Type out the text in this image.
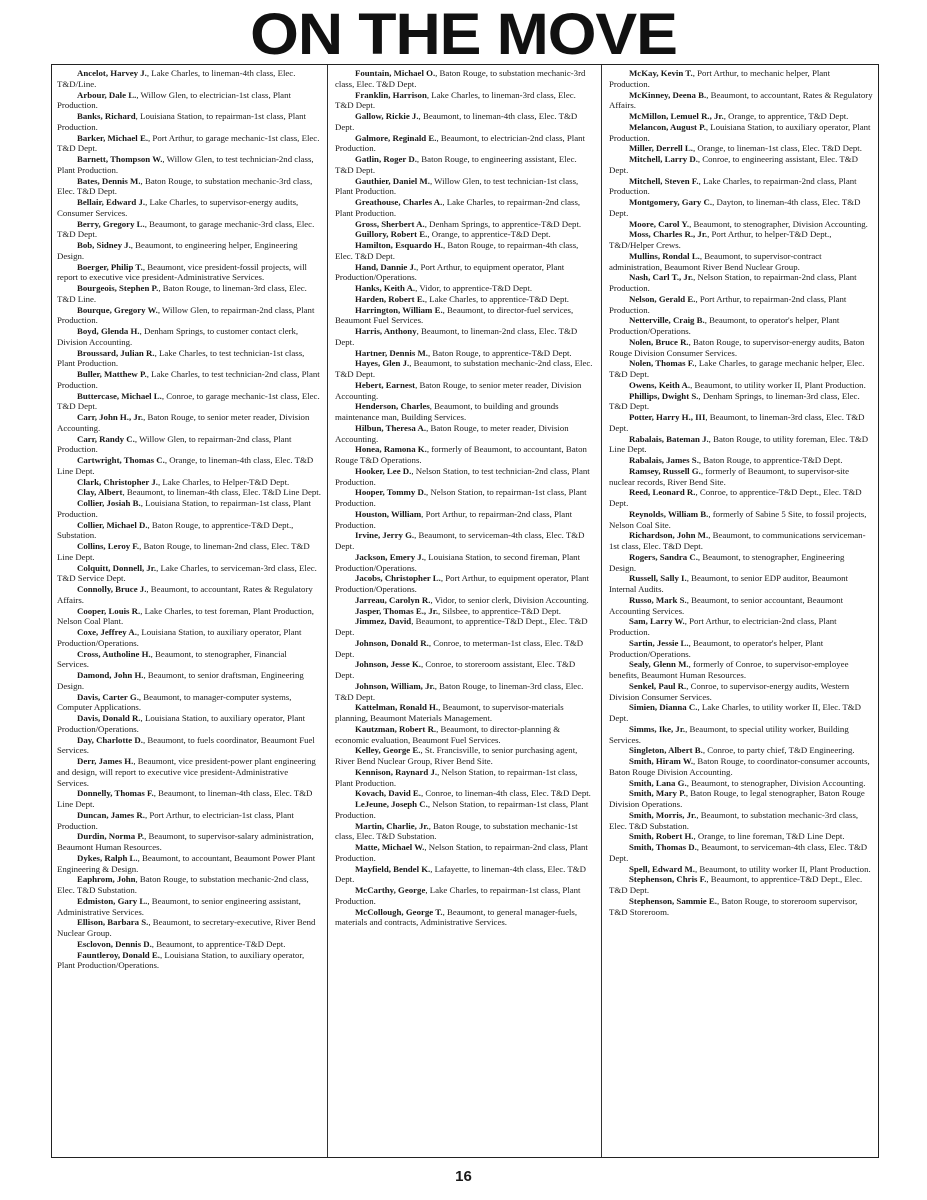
ON THE MOVE

Ancelot, Harvey J., Lake Charles, to lineman-4th class, Elec. T&D/Line.

Arbour, Dale L., Willow Glen, to electrician-1st class, Plant Production.

Banks, Richard, Louisiana Station, to repairman-1st class, Plant Production.

Barker, Michael E., Port Arthur, to garage mechanic-1st class, Elec. T&D Dept.

Barnett, Thompson W., Willow Glen, to test technician-2nd class, Plant Production.

Bates, Dennis M., Baton Rouge, to substation mechanic-3rd class, Elec. T&D Dept.

Bellair, Edward J., Lake Charles, to supervisor-energy audits, Consumer Services.

Berry, Gregory L., Beaumont, to garage mechanic-3rd class, Elec. T&D Dept.

Bob, Sidney J., Beaumont, to engineering helper, Engineering Design.

Boerger, Philip T., Beaumont, vice president-fossil projects, will report to executive vice president-Administrative Services.

Bourgeois, Stephen P., Baton Rouge, to lineman-3rd class, Elec. T&D Line.

Bourque, Gregory W., Willow Glen, to repairman-2nd class, Plant Production.

Boyd, Glenda H., Denham Springs, to customer contact clerk, Division Accounting.

Broussard, Julian R., Lake Charles, to test technician-1st class, Plant Production.

Buller, Matthew P., Lake Charles, to test technician-2nd class, Plant Production.

Buttercase, Michael L., Conroe, to garage mechanic-1st class, Elec. T&D Dept.

Carr, John H., Jr., Baton Rouge, to senior meter reader, Division Accounting.

Carr, Randy C., Willow Glen, to repairman-2nd class, Plant Production.

Cartwright, Thomas C., Orange, to lineman-4th class, Elec. T&D Line Dept.

Clark, Christopher J., Lake Charles, to Helper-T&D Dept.

Clay, Albert, Beaumont, to lineman-4th class, Elec. T&D Line Dept.

Collier, Josiah B., Louisiana Station, to repairman-1st class, Plant Production.

Collier, Michael D., Baton Rouge, to apprentice-T&D Dept., Substation.

Collins, Leroy F., Baton Rouge, to lineman-2nd class, Elec. T&D Line Dept.

Colquitt, Donnell, Jr., Lake Charles, to serviceman-3rd class, Elec. T&D Service Dept.

Connolly, Bruce J., Beaumont, to accountant, Rates & Regulatory Affairs.

Cooper, Louis R., Lake Charles, to test foreman, Plant Production, Nelson Coal Plant.

Coxe, Jeffrey A., Louisiana Station, to auxiliary operator, Plant Production/Operations.

Cross, Autholine H., Beaumont, to stenographer, Financial Services.

Damond, John H., Beaumont, to senior draftsman, Engineering Design.

Davis, Carter G., Beaumont, to manager-computer systems, Computer Applications.

Davis, Donald R., Louisiana Station, to auxiliary operator, Plant Production/Operations.

Day, Charlotte D., Beaumont, to fuels coordinator, Beaumont Fuel Services.

Derr, James H., Beaumont, vice president-power plant engineering and design, will report to executive vice president-Administrative Services.

Donnelly, Thomas F., Beaumont, to lineman-4th class, Elec. T&D Line Dept.

Duncan, James R., Port Arthur, to electrician-1st class, Plant Production.

Durdin, Norma P., Beaumont, to supervisor-salary administration, Beaumont Human Resources.

Dykes, Ralph L., Beaumont, to accountant, Beaumont Power Plant Engineering & Design.

Eaphrom, John, Baton Rouge, to substation mechanic-2nd class, Elec. T&D Substation.

Edmiston, Gary L., Beaumont, to senior engineering assistant, Administrative Services.

Ellison, Barbara S., Beaumont, to secretary-executive, River Bend Nuclear Group.

Esclovon, Dennis D., Beaumont, to apprentice-T&D Dept.

Fauntleroy, Donald E., Louisiana Station, to auxiliary operator, Plant Production/Operations.

Fountain, Michael O., Baton Rouge, to substation mechanic-3rd class, Elec. T&D Dept.

Franklin, Harrison, Lake Charles, to lineman-3rd class, Elec. T&D Dept.

Gallow, Rickie J., Beaumont, to lineman-4th class, Elec. T&D Dept.

Galmore, Reginald E., Beaumont, to electrician-2nd class, Plant Production.

Gatlin, Roger D., Baton Rouge, to engineering assistant, Elec. T&D Dept.

Gauthier, Daniel M., Willow Glen, to test technician-1st class, Plant Production.

Greathouse, Charles A., Lake Charles, to repairman-2nd class, Plant Production.

Gross, Sherbert A., Denham Springs, to apprentice-T&D Dept.

Guillory, Robert E., Orange, to apprentice-T&D Dept.

Hamilton, Esquardo H., Baton Rouge, to repairman-4th class, Elec. T&D Dept.

Hand, Dannie J., Port Arthur, to equipment operator, Plant Production/Operations.

Hanks, Keith A., Vidor, to apprentice-T&D Dept.

Harden, Robert E., Lake Charles, to apprentice-T&D Dept.

Harrington, William E., Beaumont, to director-fuel services, Beaumont Fuel Services.

Harris, Anthony, Beaumont, to lineman-2nd class, Elec. T&D Dept.

Hartner, Dennis M., Baton Rouge, to apprentice-T&D Dept.

Hayes, Glen J., Beaumont, to substation mechanic-2nd class, Elec. T&D Dept.

Hebert, Earnest, Baton Rouge, to senior meter reader, Division Accounting.

Henderson, Charles, Beaumont, to building and grounds maintenance man, Building Services.

Hilbun, Theresa A., Baton Rouge, to meter reader, Division Accounting.

Honea, Ramona K., formerly of Beaumont, to accountant, Baton Rouge T&D Operations.

Hooker, Lee D., Nelson Station, to test technician-2nd class, Plant Production.

Hooper, Tommy D., Nelson Station, to repairman-1st class, Plant Production.

Houston, William, Port Arthur, to repairman-2nd class, Plant Production.

Irvine, Jerry G., Beaumont, to serviceman-4th class, Elec. T&D Dept.

Jackson, Emery J., Louisiana Station, to second fireman, Plant Production/Operations.

Jacobs, Christopher L., Port Arthur, to equipment operator, Plant Production/Operations.

Jarreau, Carolyn R., Vidor, to senior clerk, Division Accounting.

Jasper, Thomas E., Jr., Silsbee, to apprentice-T&D Dept.

Jimmez, David, Beaumont, to apprentice-T&D Dept., Elec. T&D Dept.

Johnson, Donald R., Conroe, to meterman-1st class, Elec. T&D Dept.

Johnson, Jesse K., Conroe, to storeroom assistant, Elec. T&D Dept.

Johnson, William, Jr., Baton Rouge, to lineman-3rd class, Elec. T&D Dept.

Kattelman, Ronald H., Beaumont, to supervisor-materials planning, Beaumont Materials Management.

Kautzman, Robert R., Beaumont, to director-planning & economic evaluation, Beaumont Fuel Services.

Kelley, George E., St. Francisville, to senior purchasing agent, River Bend Nuclear Group, River Bend Site.

Kennison, Raynard J., Nelson Station, to repairman-1st class, Plant Production.

Kovach, David E., Conroe, to lineman-4th class, Elec. T&D Dept.

LeJeune, Joseph C., Nelson Station, to repairman-1st class, Plant Production.

Martin, Charlie, Jr., Baton Rouge, to substation mechanic-1st class, Elec. T&D Substation.

Matte, Michael W., Nelson Station, to repairman-2nd class, Plant Production.

Mayfield, Bendel K., Lafayette, to lineman-4th class, Elec. T&D Dept.

McCarthy, George, Lake Charles, to repairman-1st class, Plant Production.

McCollough, George T., Beaumont, to general manager-fuels, materials and contracts, Administrative Services.

McKay, Kevin T., Port Arthur, to mechanic helper, Plant Production.

McKinney, Deena B., Beaumont, to accountant, Rates & Regulatory Affairs.

McMillon, Lemuel R., Jr., Orange, to apprentice, T&D Dept.

Melancon, August P., Louisiana Station, to auxiliary operator, Plant Production.

Miller, Derrell L., Orange, to lineman-1st class, Elec. T&D Dept.

Mitchell, Larry D., Conroe, to engineering assistant, Elec. T&D Dept.

Mitchell, Steven F., Lake Charles, to repairman-2nd class, Plant Production.

Montgomery, Gary C., Dayton, to lineman-4th class, Elec. T&D Dept.

Moore, Carol Y., Beaumont, to stenographer, Division Accounting.

Moss, Charles R., Jr., Port Arthur, to helper-T&D Dept., T&D/Helper Crews.

Mullins, Rondal L., Beaumont, to supervisor-contract administration, Beaumont River Bend Nuclear Group.

Nash, Carl T., Jr., Nelson Station, to repairman-2nd class, Plant Production.

Nelson, Gerald E., Port Arthur, to repairman-2nd class, Plant Production.

Netterville, Craig B., Beaumont, to operator's helper, Plant Production/Operations.

Nolen, Bruce R., Baton Rouge, to supervisor-energy audits, Baton Rouge Division Consumer Services.

Nolen, Thomas F., Lake Charles, to garage mechanic helper, Elec. T&D Dept.

Owens, Keith A., Beaumont, to utility worker II, Plant Production.

Phillips, Dwight S., Denham Springs, to lineman-3rd class, Elec. T&D Dept.

Potter, Harry H., III, Beaumont, to lineman-3rd class, Elec. T&D Dept.

Rabalais, Bateman J., Baton Rouge, to utility foreman, Elec. T&D Line Dept.

Rabalais, James S., Baton Rouge, to apprentice-T&D Dept.

Ramsey, Russell G., formerly of Beaumont, to supervisor-site nuclear records, River Bend Site.

Reed, Leonard R., Conroe, to apprentice-T&D Dept., Elec. T&D Dept.

Reynolds, William B., formerly of Sabine 5 Site, to fossil projects, Nelson Coal Site.

Richardson, John M., Beaumont, to communications serviceman-1st class, Elec. T&D Dept.

Rogers, Sandra C., Beaumont, to stenographer, Engineering Design.

Russell, Sally I., Beaumont, to senior EDP auditor, Beaumont Internal Audits.

Russo, Mark S., Beaumont, to senior accountant, Beaumont Accounting Services.

Sam, Larry W., Port Arthur, to electrician-2nd class, Plant Production.

Sartin, Jessie L., Beaumont, to operator's helper, Plant Production/Operations.

Sealy, Glenn M., formerly of Conroe, to supervisor-employee benefits, Beaumont Human Resources.

Senkel, Paul R., Conroe, to supervisor-energy audits, Western Division Consumer Services.

Simien, Dianna C., Lake Charles, to utility worker II, Elec. T&D Dept.

Simms, Ike, Jr., Beaumont, to special utility worker, Building Services.

Singleton, Albert B., Conroe, to party chief, T&D Engineering.

Smith, Hiram W., Baton Rouge, to coordinator-consumer accounts, Baton Rouge Division Accounting.

Smith, Lana G., Beaumont, to stenographer, Division Accounting.

Smith, Mary P., Baton Rouge, to legal stenographer, Baton Rouge Division Operations.

Smith, Morris, Jr., Beaumont, to substation mechanic-3rd class, Elec. T&D Substation.

Smith, Robert H., Orange, to line foreman, T&D Line Dept.

Smith, Thomas D., Beaumont, to serviceman-4th class, Elec. T&D Dept.

Spell, Edward M., Beaumont, to utility worker II, Plant Production.

Stephenson, Chris F., Beaumont, to apprentice-T&D Dept., Elec. T&D Dept.

Stephenson, Sammie E., Baton Rouge, to storeroom supervisor, T&D Storeroom.

16
